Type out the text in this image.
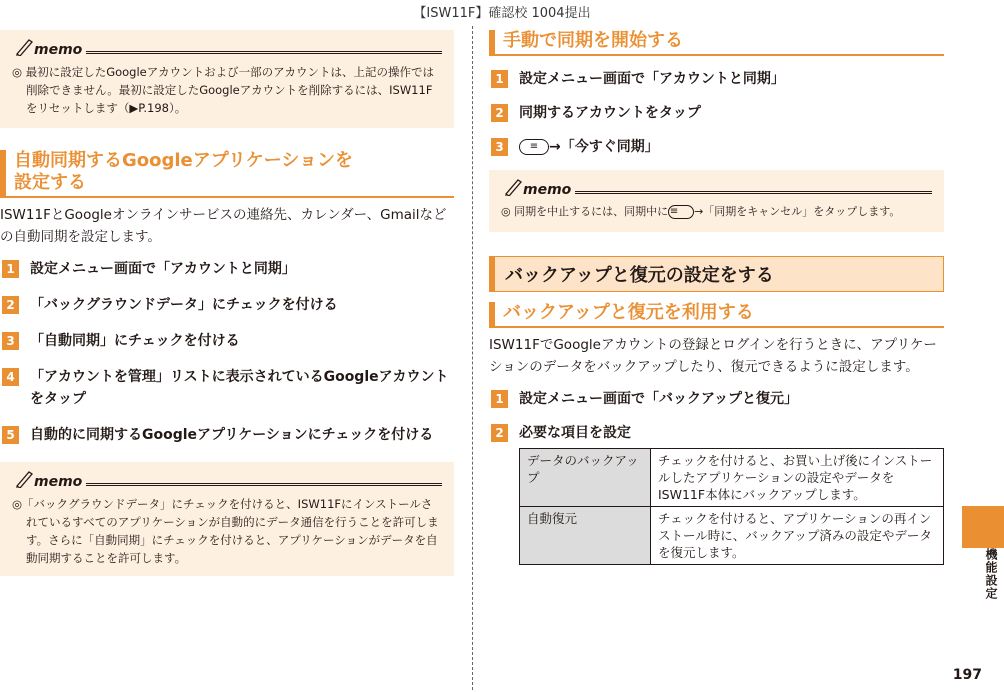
【ISW11F】確認校 1004提出
memo
◎ 最初に設定したGoogleアカウントおよび一部のアカウントは、上記の操作では削除できません。最初に設定したGoogleアカウントを削除するには、ISW11Fをリセットします（▶P.198）。
自動同期するGoogleアプリケーションを
設定する
ISW11FとGoogleオンラインサービスの連絡先、カレンダー、Gmailなどの自動同期を設定します。
1	設定メニュー画面で「アカウントと同期」
2	「バックグラウンドデータ」にチェックを付ける
3	「自動同期」にチェックを付ける
4	「アカウントを管理」リストに表示されているGoogleアカウントをタップ
5	自動的に同期するGoogleアプリケーションにチェックを付ける
memo
◎「バックグラウンドデータ」にチェックを付けると、ISW11Fにインストールされているすべてのアプリケーションが自動的にデータ通信を行うことを許可します。さらに「自動同期」にチェックを付けると、アプリケーションがデータを自動同期することを許可します。
手動で同期を開始する
1	設定メニュー画面で「アカウントと同期」
2	同期するアカウントをタップ
3	≡ →「今すぐ同期」
memo
◎ 同期を中止するには、同期中に ≡ →「同期をキャンセル」をタップします。
バックアップと復元の設定をする
バックアップと復元を利用する
ISW11FでGoogleアカウントの登録とログインを行うときに、アプリケーションのデータをバックアップしたり、復元できるように設定します。
1	設定メニュー画面で「バックアップと復元」
2	必要な項目を設定
データのバックアップ	チェックを付けると、お買い上げ後にインストールしたアプリケーションの設定やデータをISW11F本体にバックアップします。
自動復元	チェックを付けると、アプリケーションの再インストール時に、バックアップ済みの設定やデータを復元します。	機能設定
197
